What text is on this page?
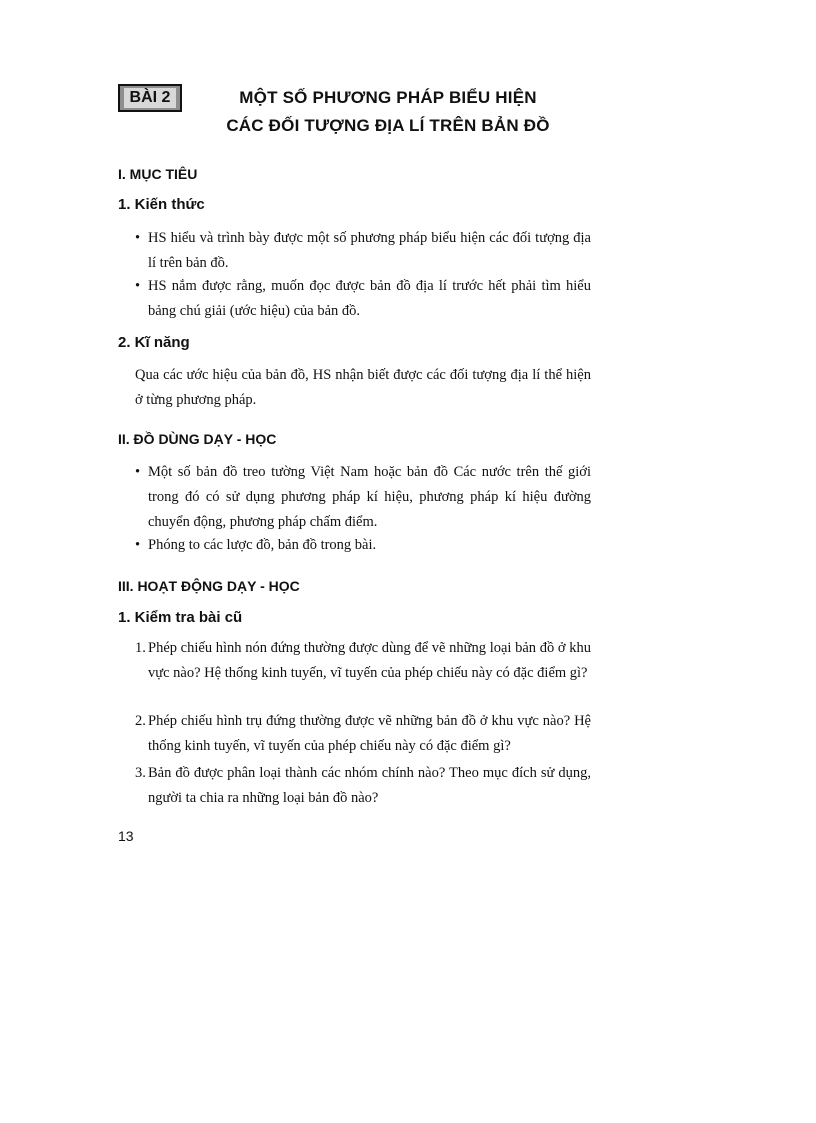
BÀI 2	MỘT SỐ PHƯƠNG PHÁP BIỂU HIỆN
CÁC ĐỐI TƯỢNG ĐỊA LÍ TRÊN BẢN ĐỒ
I. MỤC TIÊU
1. Kiến thức
• HS hiểu và trình bày được một số phương pháp biểu hiện các đối tượng địa lí trên bản đồ.
• HS nắm được rằng, muốn đọc được bản đồ địa lí trước hết phải tìm hiểu bảng chú giải (ước hiệu) của bản đồ.
2. Kĩ năng
Qua các ước hiệu của bản đồ, HS nhận biết được các đối tượng địa lí thể hiện ở từng phương pháp.
II. ĐỒ DÙNG DẠY - HỌC
• Một số bản đồ treo tường Việt Nam hoặc bản đồ Các nước trên thế giới trong đó có sử dụng phương pháp kí hiệu, phương pháp kí hiệu đường chuyển động, phương pháp chấm điểm.
• Phóng to các lược đồ, bản đồ trong bài.
III. HOẠT ĐỘNG DẠY - HỌC
1. Kiểm tra bài cũ
1. Phép chiếu hình nón đứng thường được dùng để vẽ những loại bản đồ ở khu vực nào? Hệ thống kinh tuyến, vĩ tuyến của phép chiếu này có đặc điểm gì?
2. Phép chiếu hình trụ đứng thường được vẽ những bản đồ ở khu vực nào? Hệ thống kinh tuyến, vĩ tuyến của phép chiếu này có đặc điểm gì?
3. Bản đồ được phân loại thành các nhóm chính nào? Theo mục đích sử dụng, người ta chia ra những loại bản đồ nào?
13
